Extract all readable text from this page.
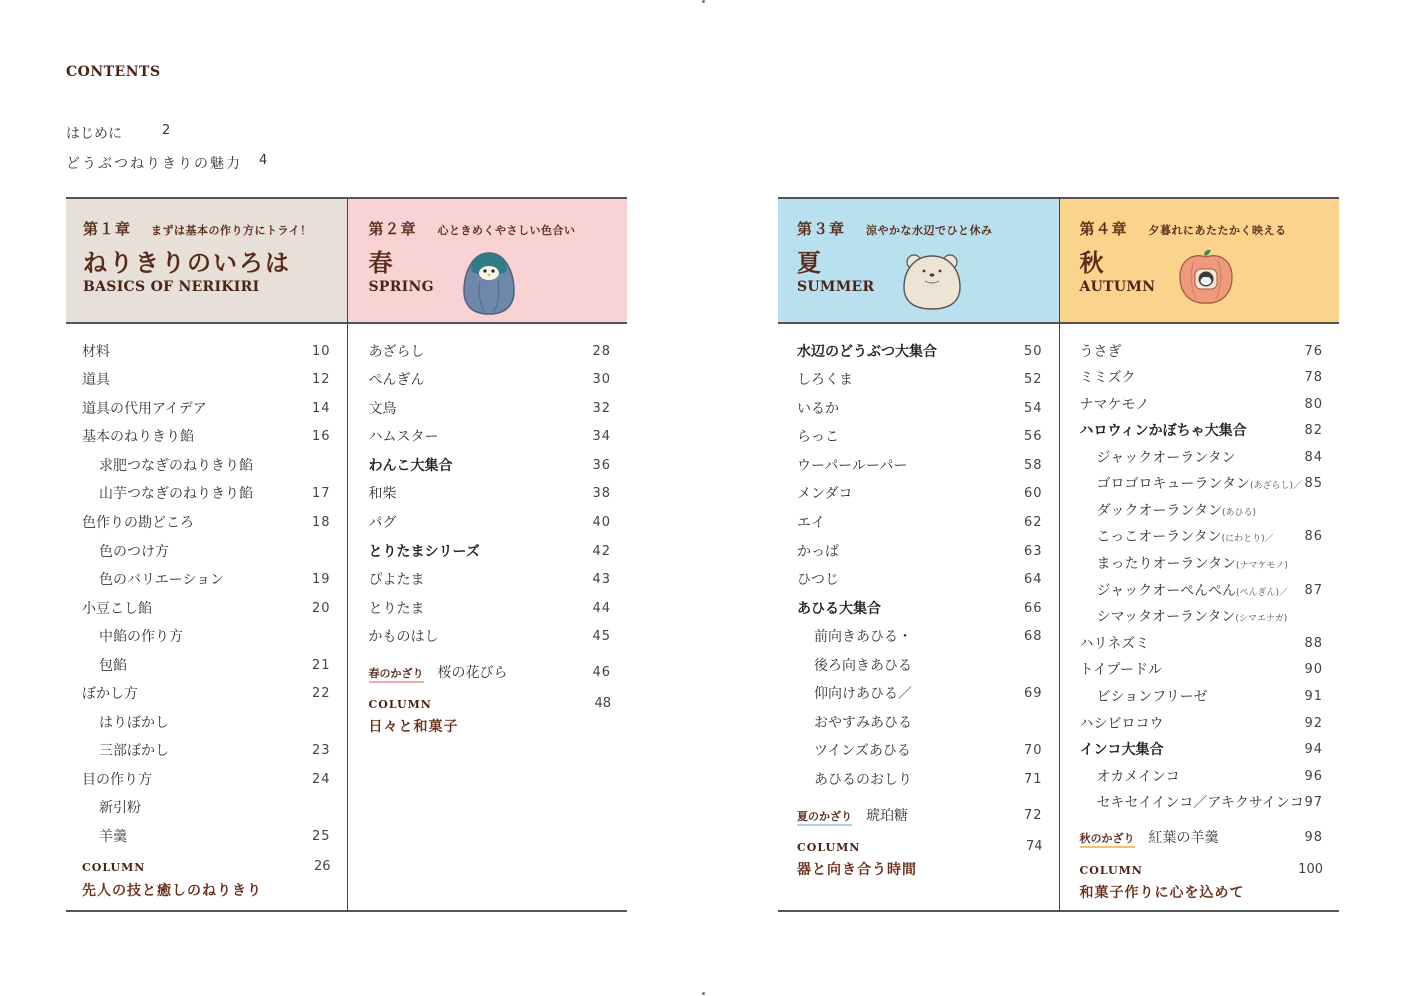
CONTENTS
はじめに	2
どうぶつねりきりの魅力 4
第１章 まずは基本の作り方にトライ！
ねりきりのいろは
BASICS OF NERIKIRI
材料	10
道具	12
道具の代用アイデア	14
基本のねりきり餡	16
求肥つなぎのねりきり餡
山芋つなぎのねりきり餡	17
色作りの勘どころ	18
色のつけ方
色のバリエーション	19
小豆こし餡	20
中餡の作り方
包餡	21
ぼかし方	22
はりぼかし
三部ぼかし	23
目の作り方	24
新引粉
羊羹	25
COLUMN	26
先人の技と癒しのねりきり
第２章 心ときめくやさしい色合い
春
SPRING
あざらし	28
ぺんぎん	30
文鳥	32
ハムスター	34
わんこ大集合	36
和柴	38
パグ	40
とりたまシリーズ	42
ぴよたま	43
とりたま	44
かものはし	45
春のかざり 桜の花びら	46
COLUMN	48
日々と和菓子
第３章 涼やかな水辺でひと休み
夏
SUMMER
水辺のどうぶつ大集合	50
しろくま	52
いるか	54
らっこ	56
ウーパールーパー	58
メンダコ	60
エイ	62
かっぱ	63
ひつじ	64
あひる大集合	66
前向きあひる・	68
後ろ向きあひる
仰向けあひる／	69
おやすみあひる
ツインズあひる	70
あひるのおしり	71
夏のかざり 琥珀糖	72
COLUMN	74
器と向き合う時間
第４章 夕暮れにあたたかく映える
秋
AUTUMN
うさぎ	76
ミミズク	78
ナマケモノ	80
ハロウィンかぼちゃ大集合	82
ジャックオーランタン	84
ゴロゴロキューランタン(あざらし)／ 85
ダックオーランタン(あひる)
こっこオーランタン(にわとり)／ 86
まったりオーランタン(ナマケモノ)
ジャックオーぺんぺん(ぺんぎん)／ 87
シマッタオーランタン(シマエナガ)
ハリネズミ	88
トイプードル	90
ビションフリーゼ	91
ハシビロコウ	92
インコ大集合	94
オカメインコ	96
セキセイインコ／アキクサインコ 97
秋のかざり 紅葉の羊羹	98
COLUMN	100
和菓子作りに心を込めて
